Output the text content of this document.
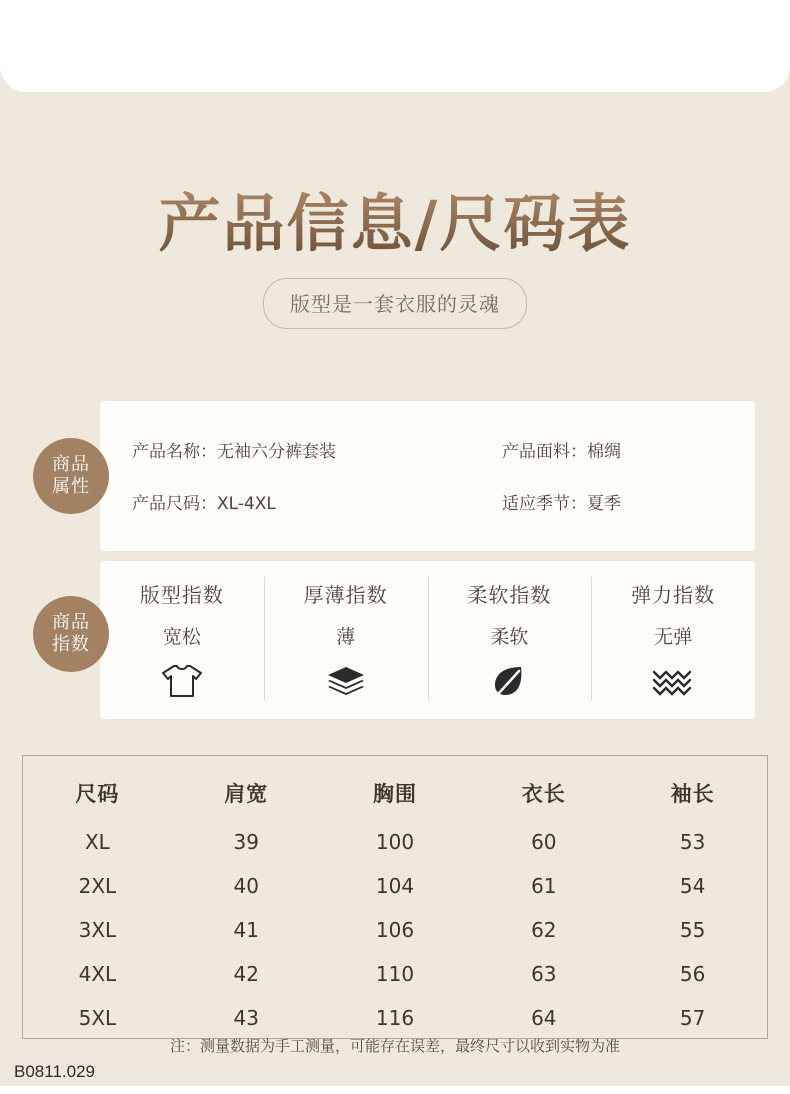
产品信息/尺码表
版型是一套衣服的灵魂
产品名称：无袖六分裤套装	产品面料：棉绸
产品尺码：XL-4XL	适应季节：夏季
商品
属性
版型指数
宽松
厚薄指数
薄
柔软指数
柔软
弹力指数
无弹
商品
指数
尺码	肩宽	胸围	衣长	袖长
XL	39	100	60	53
2XL	40	104	61	54
3XL	41	106	62	55
4XL	42	110	63	56
5XL	43	116	64	57
注：测量数据为手工测量，可能存在误差，最终尺寸以收到实物为准
B0811.029
